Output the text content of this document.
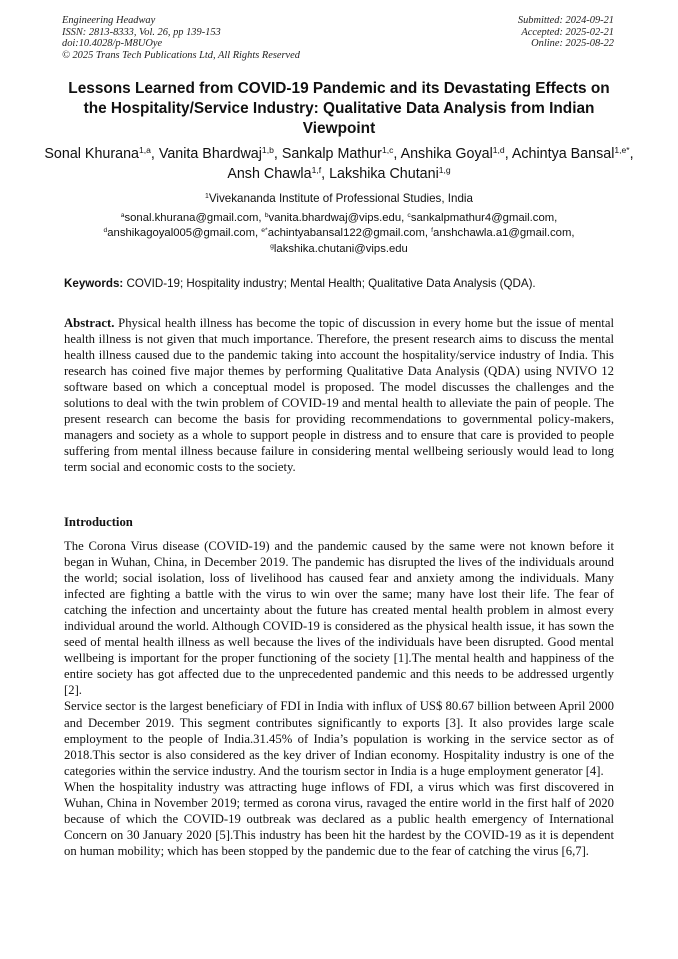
Engineering Headway
ISSN: 2813-8333, Vol. 26, pp 139-153
doi:10.4028/p-M8UOye
© 2025 Trans Tech Publications Ltd, All Rights Reserved
Submitted: 2024-09-21
Accepted: 2025-02-21
Online: 2025-08-22
Lessons Learned from COVID-19 Pandemic and its Devastating Effects on the Hospitality/Service Industry: Qualitative Data Analysis from Indian Viewpoint
Sonal Khurana$^{1,a}$, Vanita Bhardwaj$^{1,b}$, Sankalp Mathur$^{1,c}$, Anshika Goyal$^{1,d}$, Achintya Bansal$^{1,e*}$, Ansh Chawla$^{1,f}$, Lakshika Chutani$^{1,g}$
$^1$Vivekananda Institute of Professional Studies, India
$^a$sonal.khurana@gmail.com, $^b$vanita.bhardwaj@vips.edu, $^c$sankalpmathur4@gmail.com,
$^d$anshikagoyal005@gmail.com, $^{e*}$achintyabansal122@gmail.com, $^f$anshchawla.a1@gmail.com,
$^g$lakshika.chutani@vips.edu
Keywords: COVID-19; Hospitality industry; Mental Health; Qualitative Data Analysis (QDA).
Abstract. Physical health illness has become the topic of discussion in every home but the issue of mental health illness is not given that much importance. Therefore, the present research aims to discuss the mental health illness caused due to the pandemic taking into account the hospitality/service industry of India. This research has coined five major themes by performing Qualitative Data Analysis (QDA) using NVIVO 12 software based on which a conceptual model is proposed. The model discusses the challenges and the solutions to deal with the twin problem of COVID-19 and mental health to alleviate the pain of people. The present research can become the basis for providing recommendations to governmental policy-makers, managers and society as a whole to support people in distress and to ensure that care is provided to people suffering from mental illness because failure in considering mental wellbeing seriously would lead to long term social and economic costs to the society.
Introduction

The Corona Virus disease (COVID-19) and the pandemic caused by the same were not known before it began in Wuhan, China, in December 2019. The pandemic has disrupted the lives of the individuals around the world; social isolation, loss of livelihood has caused fear and anxiety among the individuals. Many infected are fighting a battle with the virus to win over the same; many have lost their life. The fear of catching the infection and uncertainty about the future has created mental health problem in almost every individual around the world. Although COVID-19 is considered as the physical health issue, it has sown the seed of mental health illness as well because the lives of the individuals have been disrupted. Good mental wellbeing is important for the proper functioning of the society [1].The mental health and happiness of the entire society has got affected due to the unprecedented pandemic and this needs to be addressed urgently [2].

Service sector is the largest beneficiary of FDI in India with influx of US$ 80.67 billion between April 2000 and December 2019. This segment contributes significantly to exports [3]. It also provides large scale employment to the people of India.31.45% of India’s population is working in the service sector as of 2018.This sector is also considered as the key driver of Indian economy. Hospitality industry is one of the categories within the service industry. And the tourism sector in India is a huge employment generator [4].

When the hospitality industry was attracting huge inflows of FDI, a virus which was first discovered in Wuhan, China in November 2019; termed as corona virus, ravaged the entire world in the first half of 2020 because of which the COVID-19 outbreak was declared as a public health emergency of International Concern on 30 January 2020 [5].This industry has been hit the hardest by the COVID-19 as it is dependent on human mobility; which has been stopped by the pandemic due to the fear of catching the virus [6,7].
